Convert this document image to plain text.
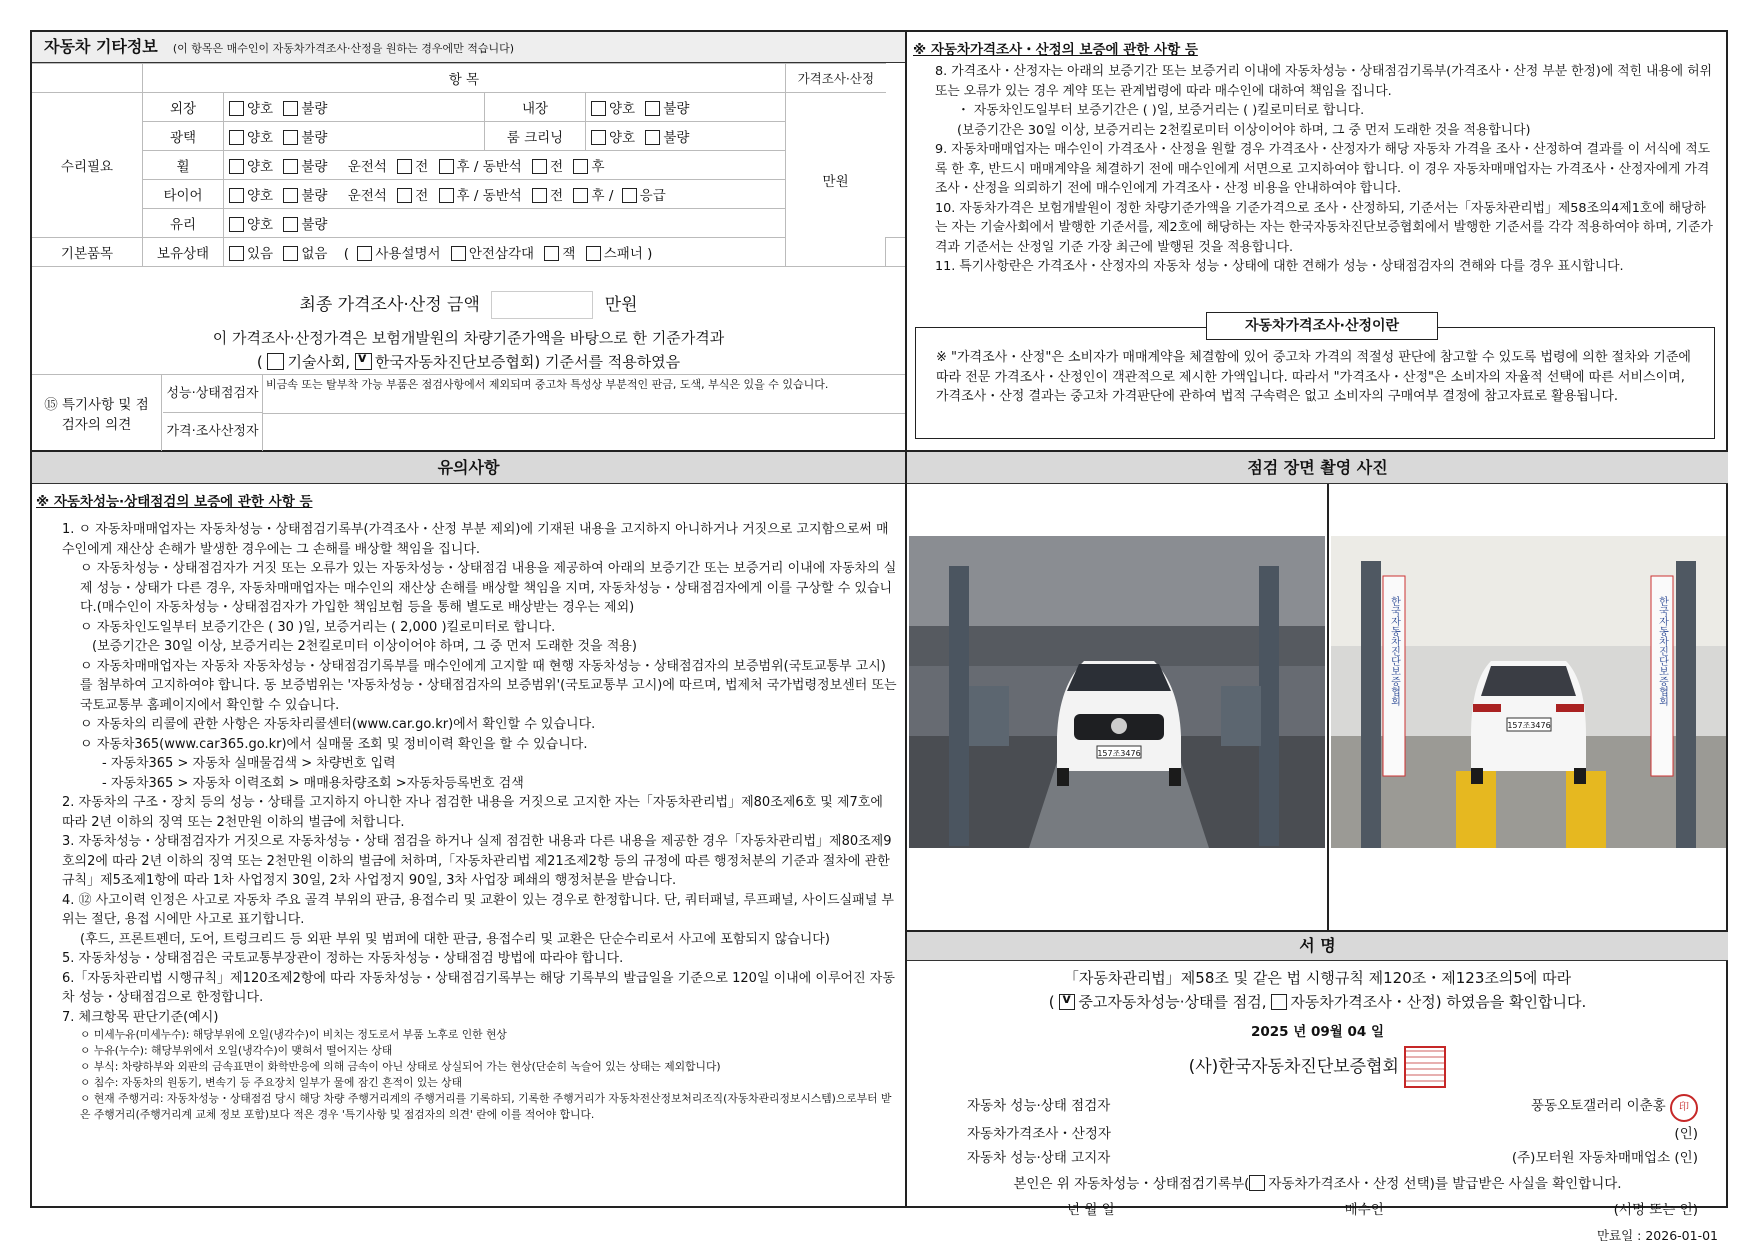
자동차 기타정보 (이 항목은 매수인이 자동차가격조사·산정을 원하는 경우에만 적습니다)
	항 목				가격조사·산정	
수리필요	외장	양호 불량	내장	양호 불량	만원	
	광택	양호 불량	룸 크리닝	양호 불량		
	휠	양호 불량 운전석 전 후 / 동반석 전 후				
	타이어	양호 불량 운전석 전 후 / 동반석 전 후 / 응급				
	유리	양호 불량				
기본품목	보유상태	있음 없음 ( 사용설명서 안전삼각대 잭 스패너 )				
최종 가격조사·산정 금액	만원
이 가격조사·산정가격은 보험개발원의 차량기준가액을 바탕으로 한 기준가격과
( 기술사회, v 한국자동차진단보증협회) 기준서를 적용하였음
⑮ 특기사항 및 점검자의 의견
성능·상태점검자
비금속 또는 탈부착 가능 부품은 점검사항에서 제외되며 중고차 특성상 부분적인 판금, 도색, 부식은 있을 수 있습니다.
가격·조사산정자
※ 자동차가격조사・산정의 보증에 관한 사항 등
8. 가격조사・산정자는 아래의 보증기간 또는 보증거리 이내에 자동차성능・상태점검기록부(가격조사・산정 부분 한정)에 적힌 내용에 허위 또는 오류가 있는 경우 계약 또는 관계법령에 따라 매수인에 대하여 책임을 집니다.
・ 자동차인도일부터 보증기간은 ( )일, 보증거리는 ( )킬로미터로 합니다.
(보증기간은 30일 이상, 보증거리는 2천킬로미터 이상이어야 하며, 그 중 먼저 도래한 것을 적용합니다)
9. 자동차매매업자는 매수인이 가격조사・산정을 원할 경우 가격조사・산정자가 해당 자동차 가격을 조사・산정하여 결과를 이 서식에 적도록 한 후, 반드시 매매계약을 체결하기 전에 매수인에게 서면으로 고지하여야 합니다. 이 경우 자동차매매업자는 가격조사・산정자에게 가격조사・산정을 의뢰하기 전에 매수인에게 가격조사・산정 비용을 안내하여야 합니다.
10. 자동차가격은 보험개발원이 정한 차량기준가액을 기준가격으로 조사・산정하되, 기준서는「자동차관리법」제58조의4제1호에 해당하는 자는 기술사회에서 발행한 기준서를, 제2호에 해당하는 자는 한국자동차진단보증협회에서 발행한 기준서를 각각 적용하여야 하며, 기준가격과 기준서는 산정일 기준 가장 최근에 발행된 것을 적용합니다.
11. 특기사항란은 가격조사・산정자의 자동차 성능・상태에 대한 견해가 성능・상태점검자의 견해와 다를 경우 표시합니다.
자동차가격조사·산정이란
※ "가격조사・산정"은 소비자가 매매계약을 체결함에 있어 중고차 가격의 적절성 판단에 참고할 수 있도록 법령에 의한 절차와 기준에 따라 전문 가격조사・산정인이 객관적으로 제시한 가액입니다. 따라서 "가격조사・산정"은 소비자의 자율적 선택에 따른 서비스이며, 가격조사・산정 결과는 중고차 가격판단에 관하여 법적 구속력은 없고 소비자의 구매여부 결정에 참고자료로 활용됩니다.
유의사항
※ 자동차성능·상태점검의 보증에 관한 사항 등
1. ㅇ 자동차매매업자는 자동차성능・상태점검기록부(가격조사・산정 부분 제외)에 기재된 내용을 고지하지 아니하거나 거짓으로 고지함으로써 매수인에게 재산상 손해가 발생한 경우에는 그 손해를 배상할 책임을 집니다.
ㅇ 자동차성능・상태점검자가 거짓 또는 오류가 있는 자동차성능・상태점검 내용을 제공하여 아래의 보증기간 또는 보증거리 이내에 자동차의 실제 성능・상태가 다른 경우, 자동차매매업자는 매수인의 재산상 손해를 배상할 책임을 지며, 자동차성능・상태점검자에게 이를 구상할 수 있습니다.(매수인이 자동차성능・상태점검자가 가입한 책임보험 등을 통해 별도로 배상받는 경우는 제외)
ㅇ 자동차인도일부터 보증기간은 ( 30 )일, 보증거리는 ( 2,000 )킬로미터로 합니다.
(보증기간은 30일 이상, 보증거리는 2천킬로미터 이상이어야 하며, 그 중 먼저 도래한 것을 적용)
ㅇ 자동차매매업자는 자동차 자동차성능・상태점검기록부를 매수인에게 고지할 때 현행 자동차성능・상태점검자의 보증범위(국토교통부 고시)를 첨부하여 고지하여야 합니다. 동 보증범위는 '자동차성능・상태점검자의 보증범위'(국토교통부 고시)에 따르며, 법제처 국가법령정보센터 또는 국토교통부 홈페이지에서 확인할 수 있습니다.
ㅇ 자동차의 리콜에 관한 사항은 자동차리콜센터(www.car.go.kr)에서 확인할 수 있습니다.
ㅇ 자동차365(www.car365.go.kr)에서 실매물 조회 및 정비이력 확인을 할 수 있습니다.
- 자동차365 > 자동차 실매물검색 > 차량번호 입력
- 자동차365 > 자동차 이력조회 > 매매용차량조회 >자동차등록번호 검색
2. 자동차의 구조・장치 등의 성능・상태를 고지하지 아니한 자나 점검한 내용을 거짓으로 고지한 자는「자동차관리법」제80조제6호 및 제7호에 따라 2년 이하의 징역 또는 2천만원 이하의 벌금에 처합니다.
3. 자동차성능・상태점검자가 거짓으로 자동차성능・상태 점검을 하거나 실제 점검한 내용과 다른 내용을 제공한 경우「자동차관리법」제80조제9호의2에 따라 2년 이하의 징역 또는 2천만원 이하의 벌금에 처하며,「자동차관리법 제21조제2항 등의 규정에 따른 행정처분의 기준과 절차에 관한 규칙」제5조제1항에 따라 1차 사업정지 30일, 2차 사업정지 90일, 3차 사업장 폐쇄의 행정처분을 받습니다.
4. ⑫ 사고이력 인정은 사고로 자동차 주요 골격 부위의 판금, 용접수리 및 교환이 있는 경우로 한정합니다. 단, 쿼터패널, 루프패널, 사이드실패널 부위는 절단, 용접 시에만 사고로 표기합니다.
(후드, 프론트펜더, 도어, 트렁크리드 등 외판 부위 및 범퍼에 대한 판금, 용접수리 및 교환은 단순수리로서 사고에 포함되지 않습니다)
5. 자동차성능・상태점검은 국토교통부장관이 정하는 자동차성능・상태점검 방법에 따라야 합니다.
6.「자동차관리법 시행규칙」제120조제2항에 따라 자동차성능・상태점검기록부는 해당 기록부의 발급일을 기준으로 120일 이내에 이루어진 자동차 성능・상태점검으로 한정합니다.
7. 체크항목 판단기준(예시)
ㅇ 미세누유(미세누수): 해당부위에 오일(냉각수)이 비치는 정도로서 부품 노후로 인한 현상
ㅇ 누유(누수): 해당부위에서 오일(냉각수)이 맺혀서 떨어지는 상태
ㅇ 부식: 차량하부와 외판의 금속표면이 화학반응에 의해 금속이 아닌 상태로 상실되어 가는 현상(단순히 녹슬어 있는 상태는 제외합니다)
ㅇ 침수: 자동차의 원동기, 변속기 등 주요장치 일부가 물에 잠긴 흔적이 있는 상태
ㅇ 현재 주행거리: 자동차성능・상태점검 당시 해당 차량 주행거리계의 주행거리를 기록하되, 기록한 주행거리가 자동차전산정보처리조직(자동차관리정보시스템)으로부터 받은 주행거리(주행거리계 교체 정보 포함)보다 적은 경우 '특기사항 및 점검자의 의견' 란에 이를 적어야 합니다.
점검 장면 촬영 사진
157조3476
한국자동차진단보증협회	한국자동차진단보증협회
157조3476
서 명
「자동차관리법」제58조 및 같은 법 시행규칙 제120조・제123조의5에 따라
( v 중고자동차성능·상태를 점검, 자동차가격조사・산정) 하였음을 확인합니다.
2025 년 09월 04 일
(사)한국자동차진단보증협회
자동차 성능·상태 점검자	풍동오토갤러리 이춘홍 印
자동차가격조사・산정자	(인)
자동차 성능·상태 고지자	(주)모터원 자동차매매업소 (인)
본인은 위 자동차성능・상태점검기록부( 자동차가격조사・산정 선택)를 발급받은 사실을 확인합니다.
년 월 일	매수인	(서명 또는 인)
만료일 : 2026-01-01
